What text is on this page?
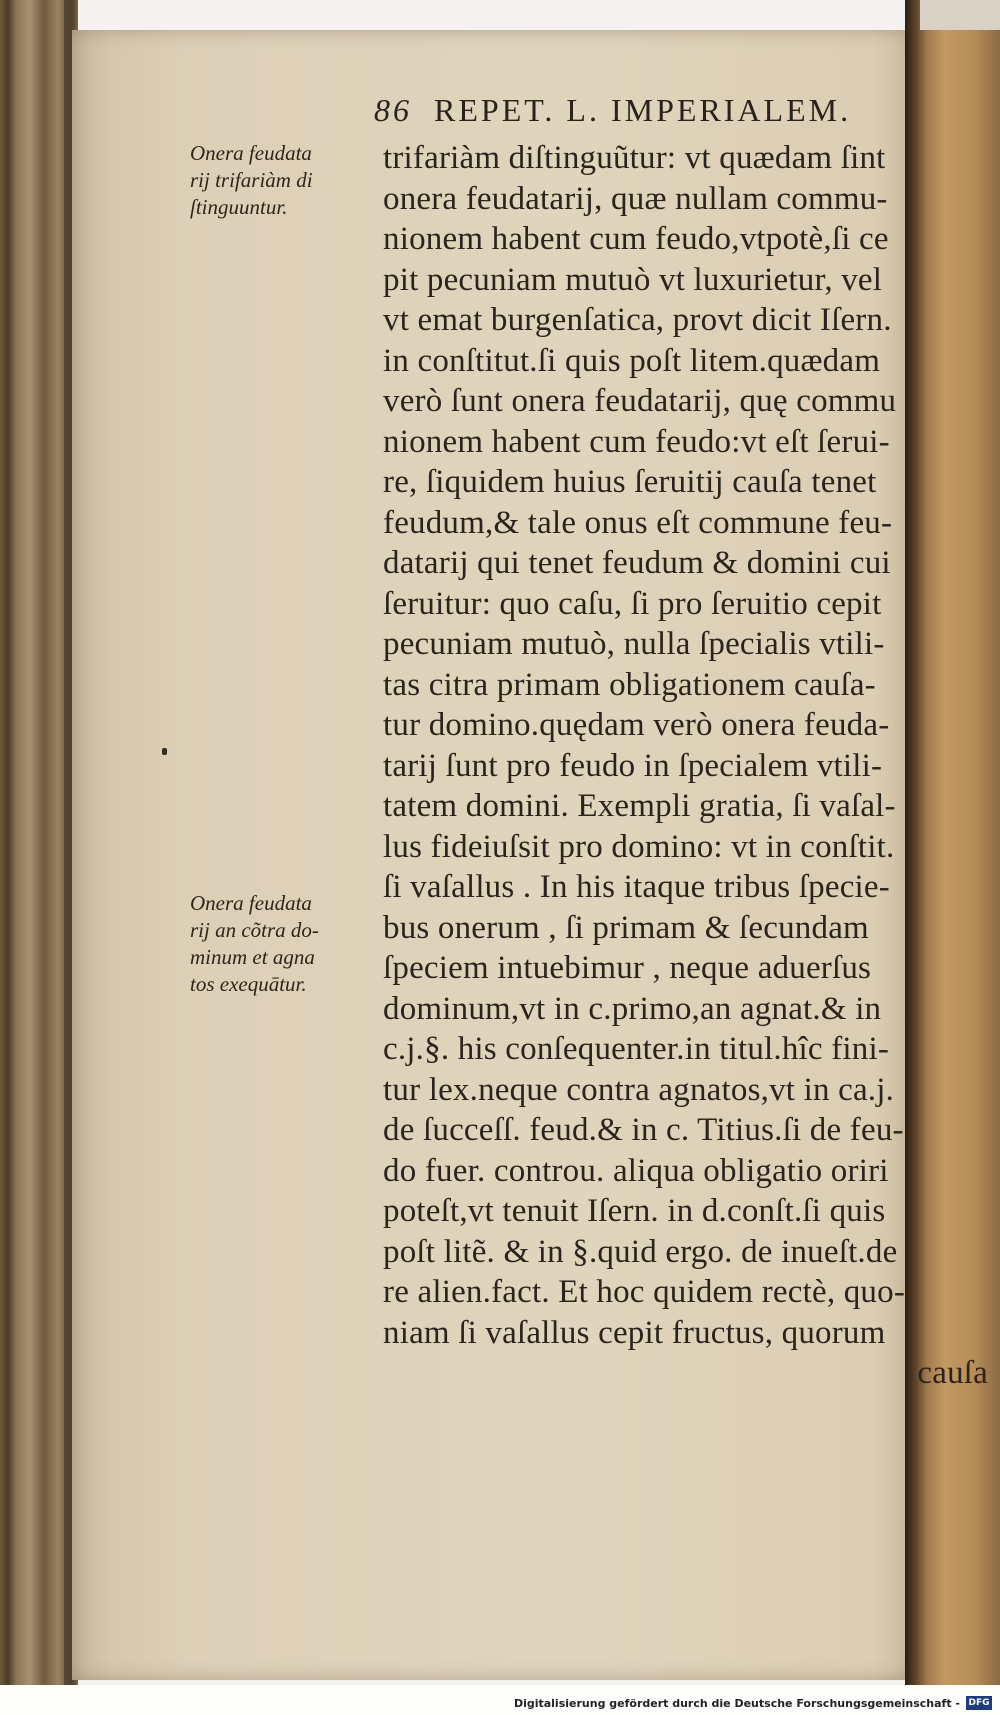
86 REPET. L. IMPERIALEM.
Onera feudata
rij trifariàm di
ſtinguuntur.
Onera feudata
rij an cõtra do-
minum et agna
tos exequātur.
trifariàm diſtinguũtur: vt quædam ſint
onera feudatarij, quæ nullam commu-
nionem habent cum feudo,vtpotè,ſi ce
pit pecuniam mutuò vt luxurietur, vel
vt emat burgenſatica, provt dicit Iſern.
in conſtitut.ſi quis poſt litem.quædam
verò ſunt onera feudatarij, quę commu
nionem habent cum feudo:vt eſt ſerui-
re, ſiquidem huius ſeruitij cauſa tenet
feudum,& tale onus eſt commune feu-
datarij qui tenet feudum & domini cui
ſeruitur: quo caſu, ſi pro ſeruitio cepit
pecuniam mutuò, nulla ſpecialis vtili-
tas citra primam obligationem cauſa-
tur domino.quędam verò onera feuda-
tarij ſunt pro feudo in ſpecialem vtili-
tatem domini. Exempli gratia, ſi vaſal-
lus fideiuſsit pro domino: vt in conſtit.
ſi vaſallus . In his itaque tribus ſpecie-
bus onerum , ſi primam & ſecundam
ſpeciem intuebimur , neque aduerſus
dominum,vt in c.primo,an agnat.& in
c.j.§. his conſequenter.in titul.hîc fini-
tur lex.neque contra agnatos,vt in ca.j.
de ſucceſſ. feud.& in c. Titius.ſi de feu-
do fuer. controu. aliqua obligatio oriri
poteſt,vt tenuit Iſern. in d.conſt.ſi quis
poſt litẽ. & in §.quid ergo. de inueſt.de
re alien.fact. Et hoc quidem rectè, quo-
niam ſi vaſallus cepit fructus, quorum
cauſa
Digitalisierung gefördert durch die Deutsche Forschungsgemeinschaft - DFG
